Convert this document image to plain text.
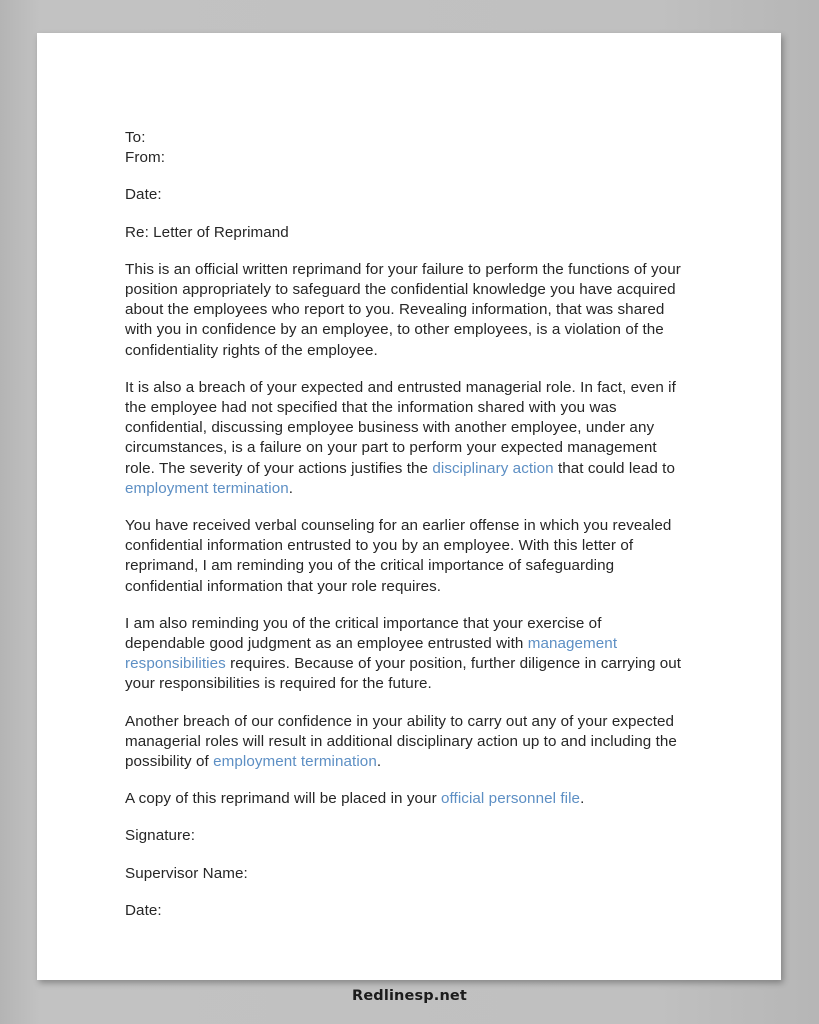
To:
From:
Date:
Re: Letter of Reprimand

This is an official written reprimand for your failure to perform the functions of your position appropriately to safeguard the confidential knowledge you have acquired about the employees who report to you. Revealing information, that was shared with you in confidence by an employee, to other employees, is a violation of the confidentiality rights of the employee.

It is also a breach of your expected and entrusted managerial role. In fact, even if the employee had not specified that the information shared with you was confidential, discussing employee business with another employee, under any circumstances, is a failure on your part to perform your expected management role. The severity of your actions justifies the disciplinary action that could lead to employment termination.

You have received verbal counseling for an earlier offense in which you revealed confidential information entrusted to you by an employee. With this letter of reprimand, I am reminding you of the critical importance of safeguarding confidential information that your role requires.

I am also reminding you of the critical importance that your exercise of dependable good judgment as an employee entrusted with management responsibilities requires. Because of your position, further diligence in carrying out your responsibilities is required for the future.

Another breach of our confidence in your ability to carry out any of your expected managerial roles will result in additional disciplinary action up to and including the possibility of employment termination.

A copy of this reprimand will be placed in your official personnel file.

Signature:
Supervisor Name:
Date:
Redlinesp.net
